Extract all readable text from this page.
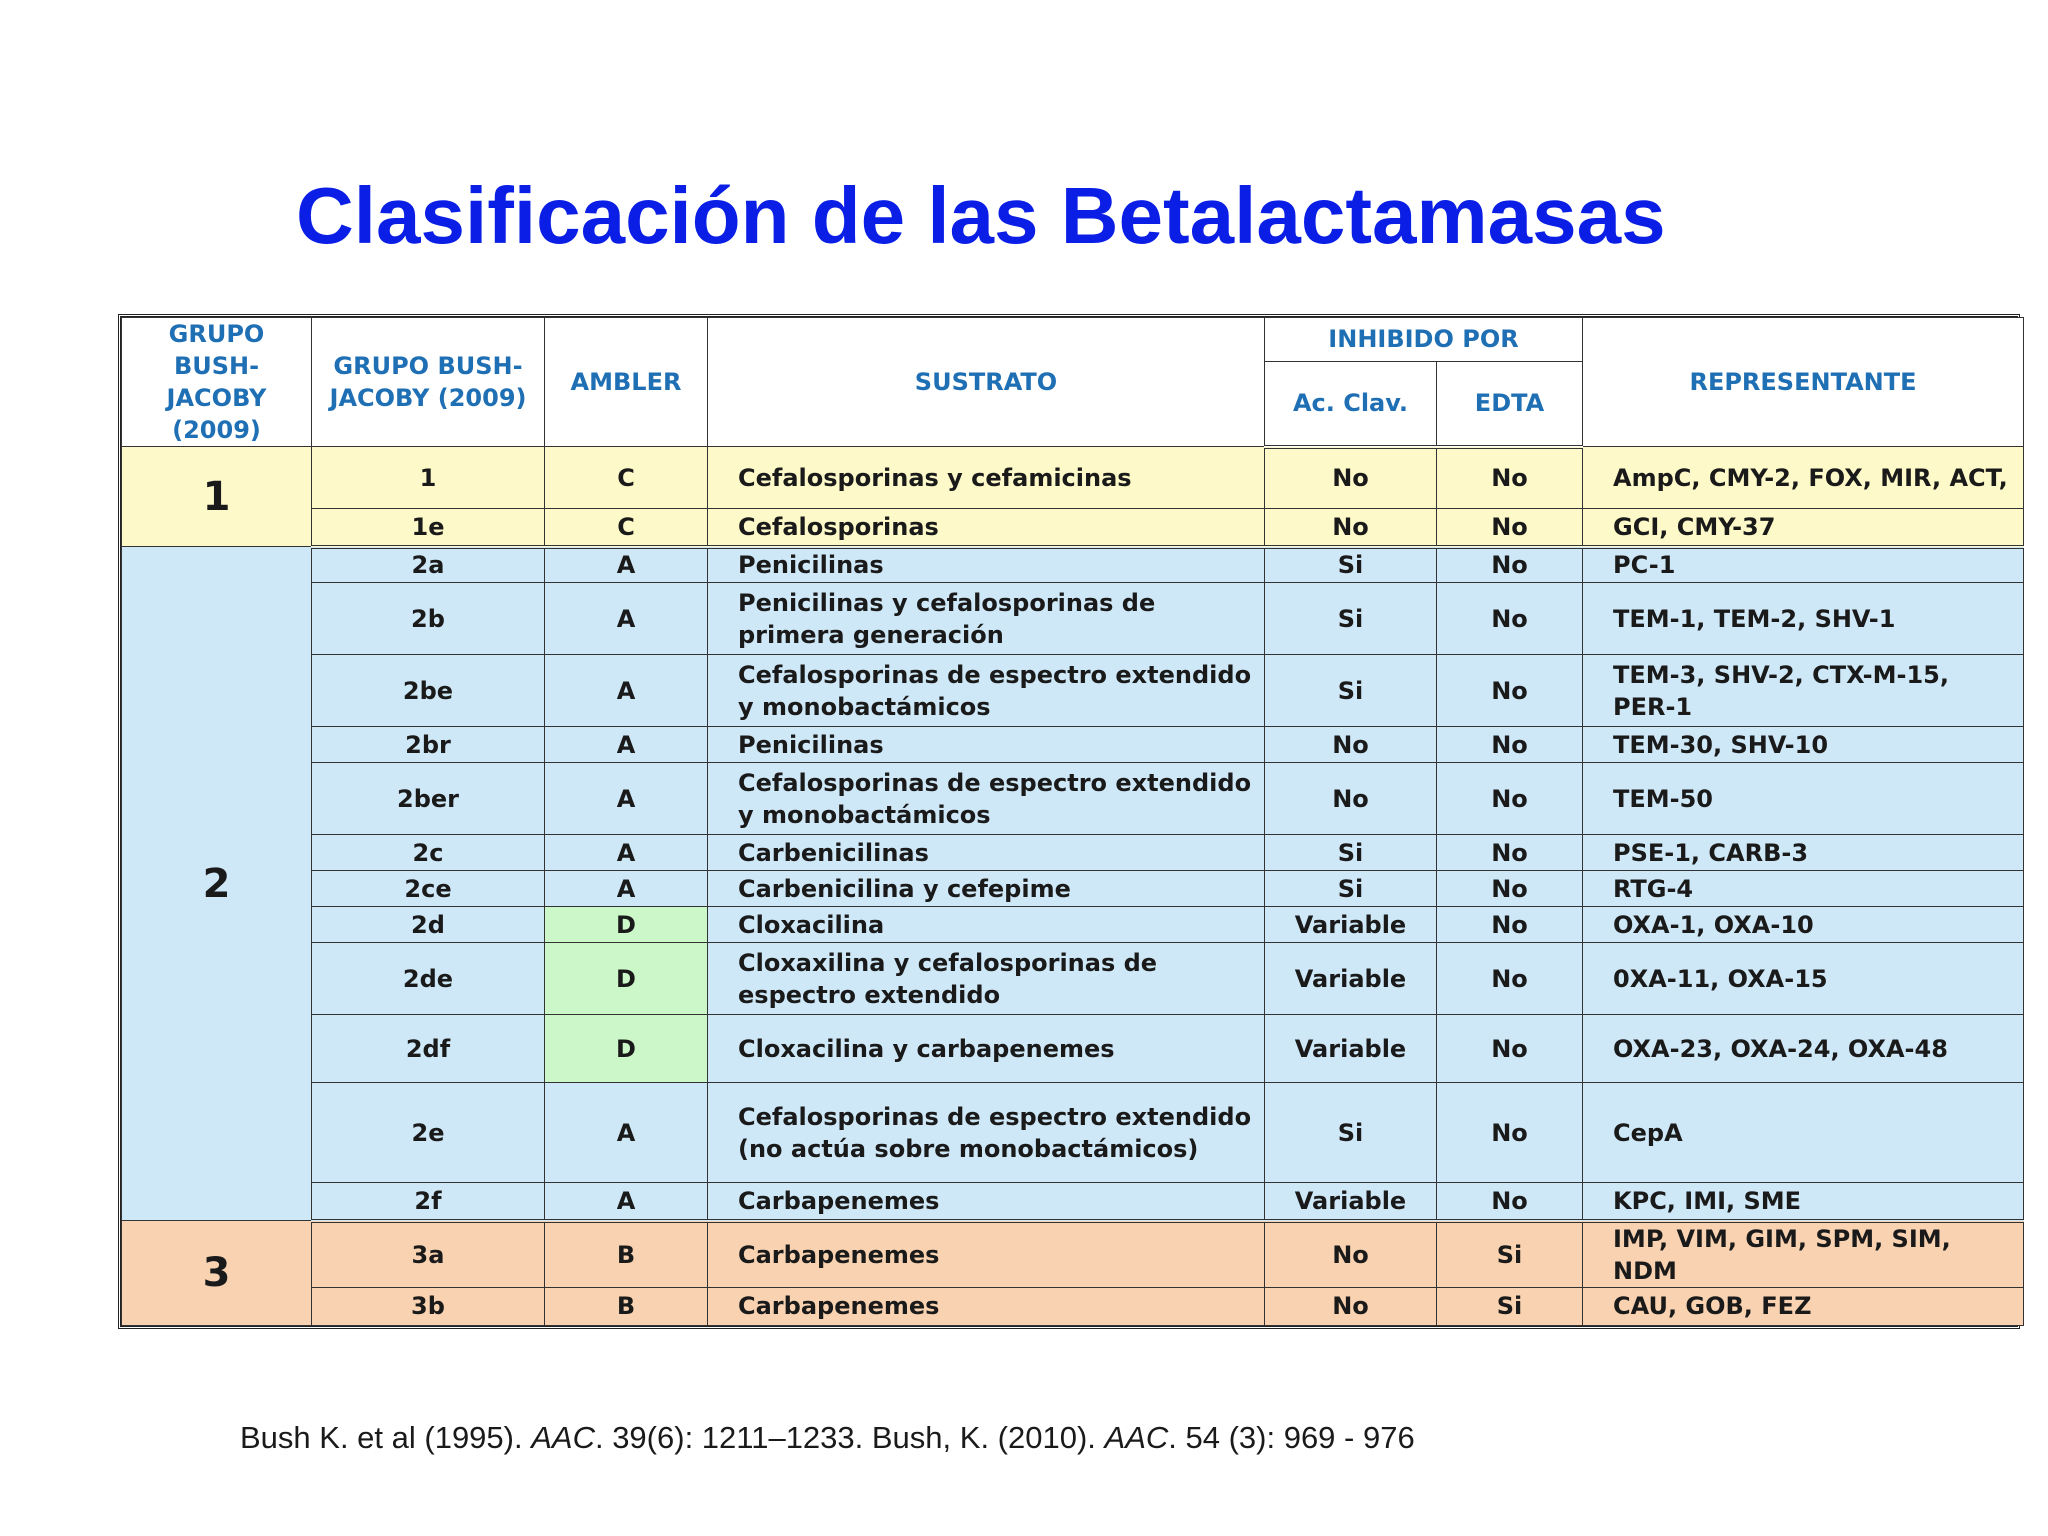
Clasificación de las Betalactamasas
GRUPO BUSH-JACOBY (2009)	GRUPO BUSH-JACOBY (2009)	AMBLER	SUSTRATO	INHIBIDO POR		REPRESENTANTE
				Ac. Clav.	EDTA	
1	1	C	Cefalosporinas y cefamicinas	No	No	AmpC, CMY-2, FOX, MIR, ACT,
	1e	C	Cefalosporinas	No	No	GCI, CMY-37
2	2a	A	Penicilinas	Si	No	PC-1
	2b	A	Penicilinas y cefalosporinas de primera generación	Si	No	TEM-1, TEM-2, SHV-1
	2be	A	Cefalosporinas de espectro extendido y monobactámicos	Si	No	TEM-3, SHV-2, CTX-M-15, PER-1
	2br	A	Penicilinas	No	No	TEM-30, SHV-10
	2ber	A	Cefalosporinas de espectro extendido y monobactámicos	No	No	TEM-50
	2c	A	Carbenicilinas	Si	No	PSE-1, CARB-3
	2ce	A	Carbenicilina y cefepime	Si	No	RTG-4
	2d	D	Cloxacilina	Variable	No	OXA-1, OXA-10
	2de	D	Cloxaxilina y cefalosporinas de espectro extendido	Variable	No	0XA-11, OXA-15
	2df	D	Cloxacilina y carbapenemes	Variable	No	OXA-23, OXA-24, OXA-48
	2e	A	Cefalosporinas de espectro extendido (no actúa sobre monobactámicos)	Si	No	CepA
	2f	A	Carbapenemes	Variable	No	KPC, IMI, SME
3	3a	B	Carbapenemes	No	Si	IMP, VIM, GIM, SPM, SIM, NDM
	3b	B	Carbapenemes	No	Si	CAU, GOB, FEZ

Bush K. et al (1995). AAC. 39(6): 1211–1233. Bush, K. (2010). AAC. 54 (3): 969 - 976
